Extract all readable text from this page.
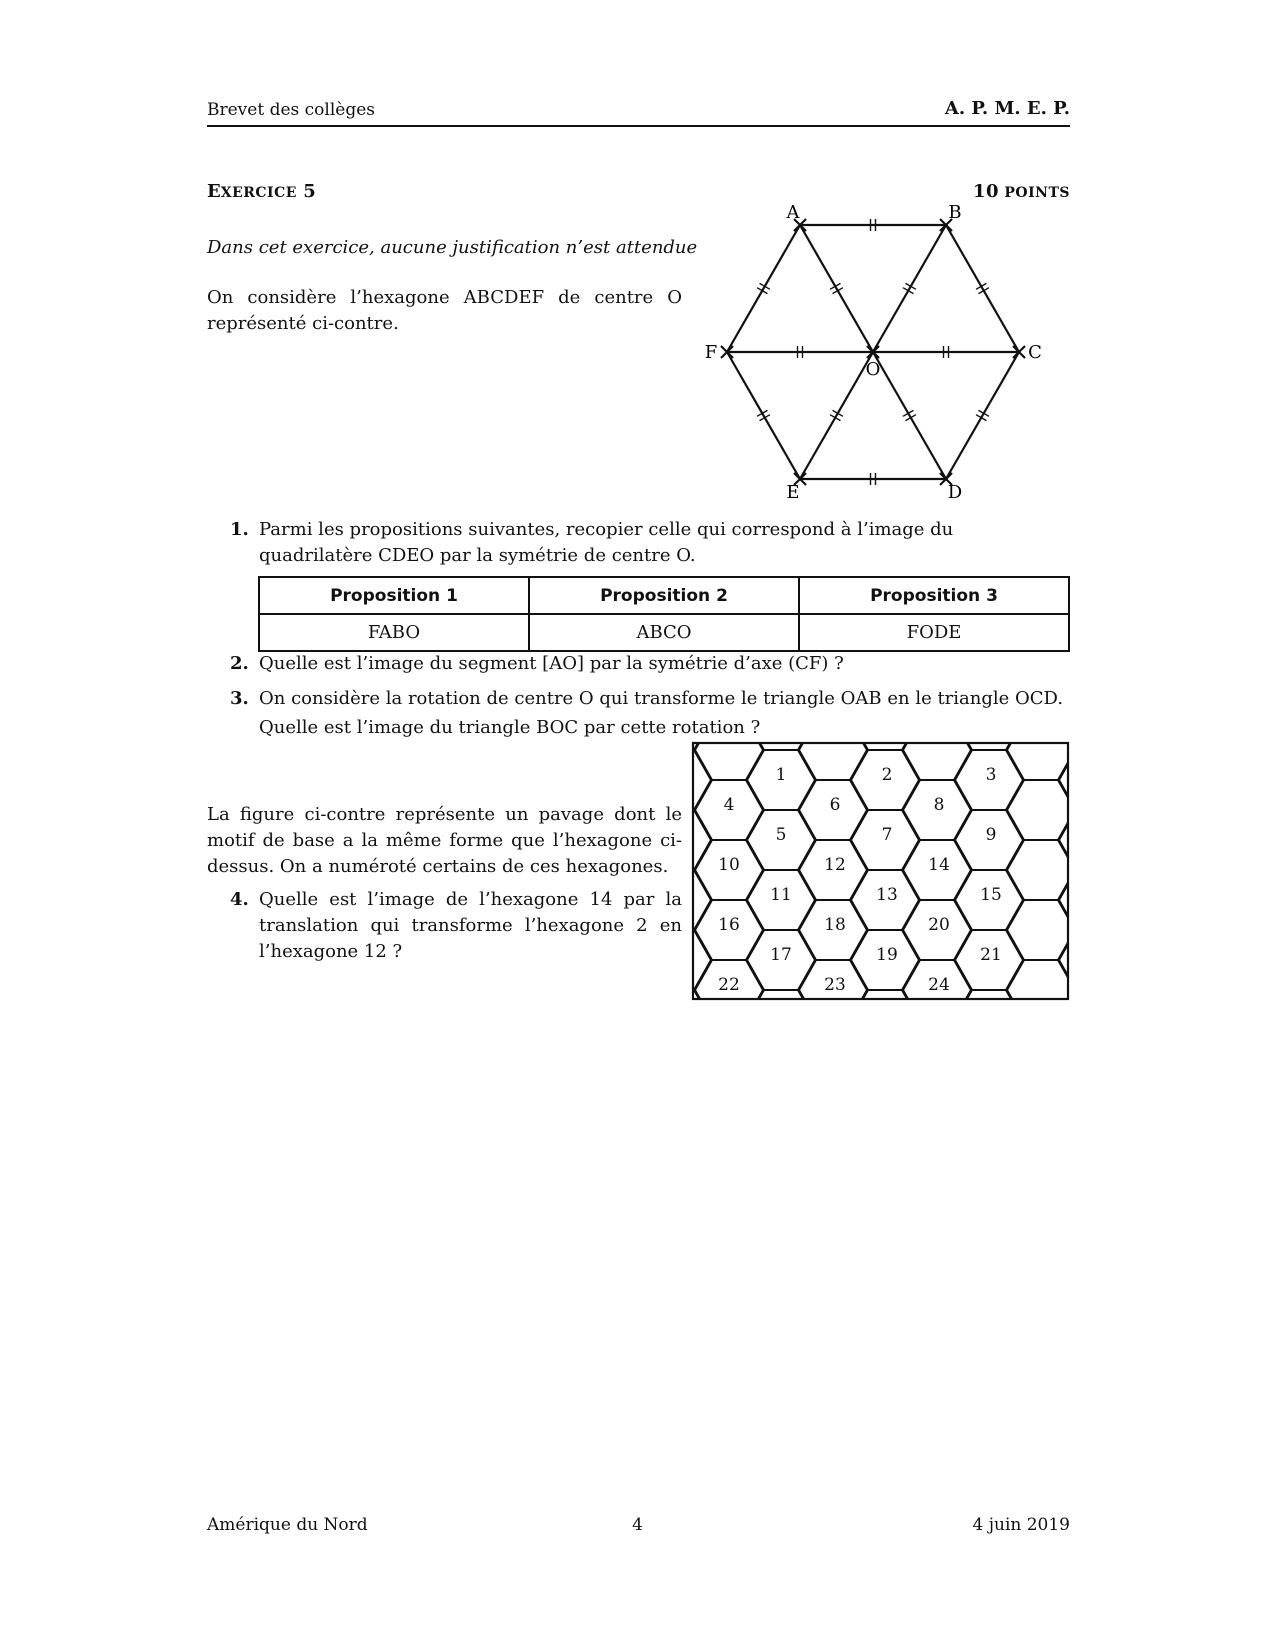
Brevet des collèges	A. P. M. E. P.
EXERCICE 5	10 POINTS
Dans cet exercice, aucune justification n’est attendue
On considère l’hexagone ABCDEF de centre O représenté ci-contre.
A	B
C
D
E
F
O
1. Parmi les propositions suivantes, recopier celle qui correspond à l’image du quadrilatère CDEO par la symétrie de centre O.
Proposition 1	Proposition 2	Proposition 3
FABO	ABCO	FODE
2. Quelle est l’image du segment [AO] par la symétrie d’axe (CF) ?
3. On considère la rotation de centre O qui transforme le triangle OAB en le triangle OCD.
Quelle est l’image du triangle BOC par cette rotation ?
La figure ci-contre représente un pavage dont le motif de base a la même forme que l’hexagone ci-dessus. On a numéroté certains de ces hexagones.
4. Quelle est l’image de l’hexagone 14 par la translation qui transforme l’hexagone 2 en l’hexagone 12 ?
1	2	3
4	6	8
5	7	9
10	12	14
11	13	15
16	18	20
17	19	21
22	23	24
Amérique du Nord	4	4 juin 2019
